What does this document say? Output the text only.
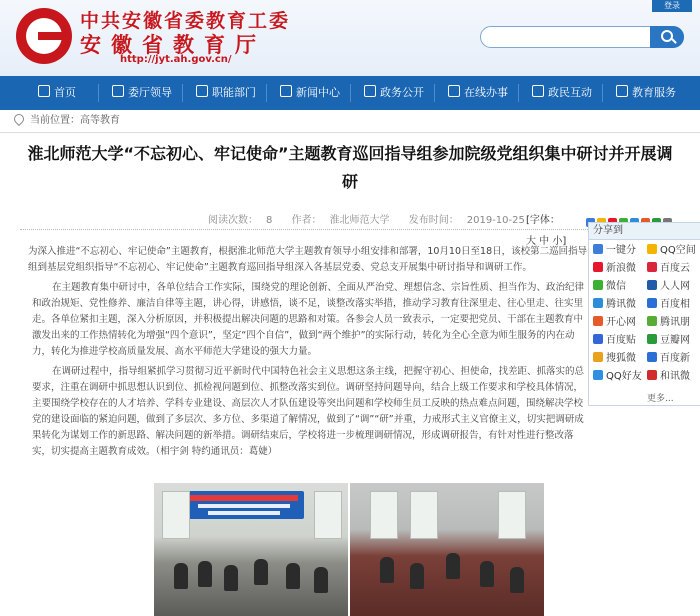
中共安徽省委教育工委
安徽省教育厅
http://jyt.ah.gov.cn/
登录
首页	委厅领导	职能部门	新闻中心	政务公开	在线办事	政民互动	教育服务
当前位置：高等教育
淮北师范大学“不忘初心、牢记使命”主题教育巡回指导组参加院级党组织集中研讨并开展调研
阅读次数： 8 作者： 淮北师范大学 发布时间： 2019-10-25 [字体：
大 中 小]

为深入推进“不忘初心、牢记使命”主题教育，根据淮北师范大学主题教育领导小组安排和部署，10月10日至18日，该校第二巡回指导组到基层党组织指导“不忘初心、牢记使命”主题教育巡回指导组深入各基层党委、党总支开展集中研讨指导和调研工作。

在主题教育集中研讨中，各单位结合工作实际，围绕党的理论创新、全面从严治党、理想信念、宗旨性质、担当作为、政治纪律和政治规矩、党性修养、廉洁自律等主题，讲心得，讲感悟，谈不足，谈整改落实举措，推动学习教育往深里走、往心里走、往实里走。各单位紧扣主题，深入分析原因，并积极提出解决问题的思路和对策。各参会人员一致表示，一定要把党员、干部在主题教育中激发出来的工作热情转化为增强“四个意识”，坚定“四个自信”，做到“两个维护”的实际行动，转化为全心全意为师生服务的内在动力，转化为推进学校高质量发展、高水平师范大学建设的强大力量。

在调研过程中，指导组紧抓学习贯彻习近平新时代中国特色社会主义思想这条主线，把握守初心、担使命，找差距、抓落实的总要求，注重在调研中抓思想认识到位、抓检视问题到位、抓整改落实到位。调研坚持问题导向，结合上级工作要求和学校具体情况，主要围绕学校存在的人才培养、学科专业建设、高层次人才队伍建设等突出问题和学校师生员工反映的热点难点问题，围绕解决学校党的建设面临的紧迫问题，做到了多层次、多方位、多渠道了解情况，做到了“调”“研”并重，力戒形式主义官僚主义，切实把调研成果转化为谋划工作的新思路、解决问题的新举措。调研结束后，学校将进一步梳理调研情况，形成调研报告，有针对性进行整改落实，切实提高主题教育成效。（相宇剑 特约通讯员：葛婕）

分享到
一键分	QQ空间
新浪微	百度云
微信	人人网
腾讯微	百度相
开心网	腾讯朋
百度贴	豆瓣网
搜狐微	百度新
QQ好友	和讯微
更多...
